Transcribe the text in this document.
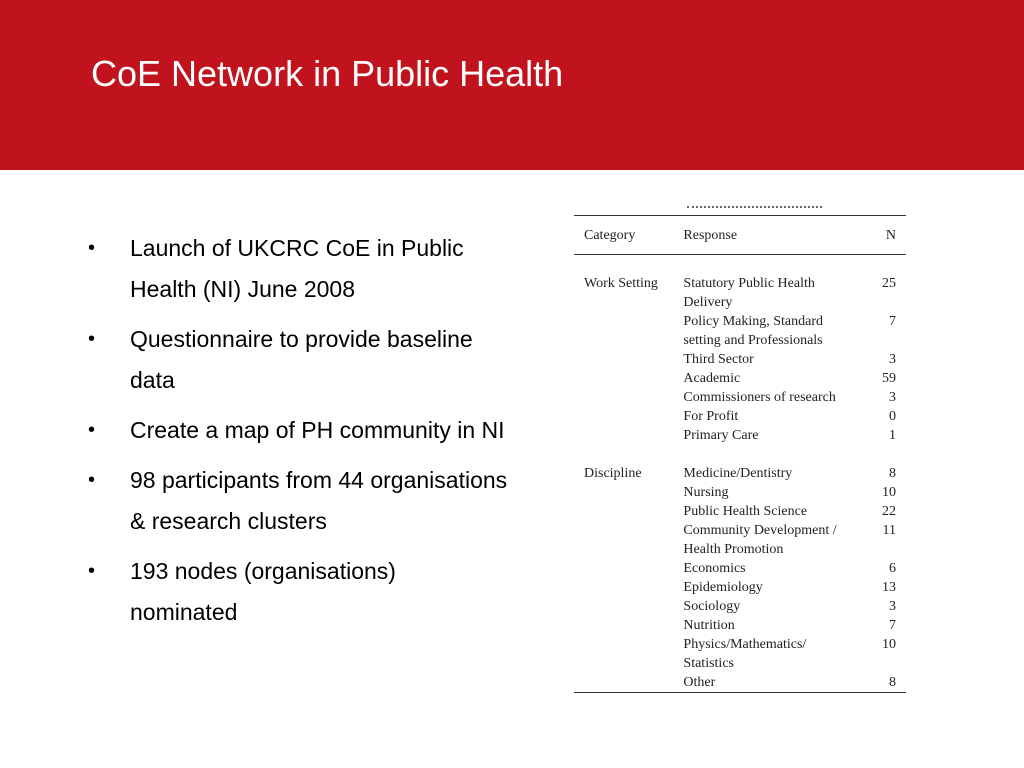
CoE Network in Public Health
• Launch of UKCRC CoE in Public Health (NI) June 2008
• Questionnaire to provide baseline data
• Create a map of PH community in NI
• 98 participants from 44 organisations & research clusters
• 193 nodes (organisations) nominated
Category	Response	N

Work Setting	Statutory Public Health Delivery	25
	Policy Making, Standard setting and Professionals	7
	Third Sector	3
	Academic	59
	Commissioners of research	3
	For Profit	0
	Primary Care	1

Discipline	Medicine/Dentistry	8
	Nursing	10
	Public Health Science	22
	Community Development / Health Promotion	11
	Economics	6
	Epidemiology	13
	Sociology	3
	Nutrition	7
	Physics/Mathematics/ Statistics	10
	Other	8
